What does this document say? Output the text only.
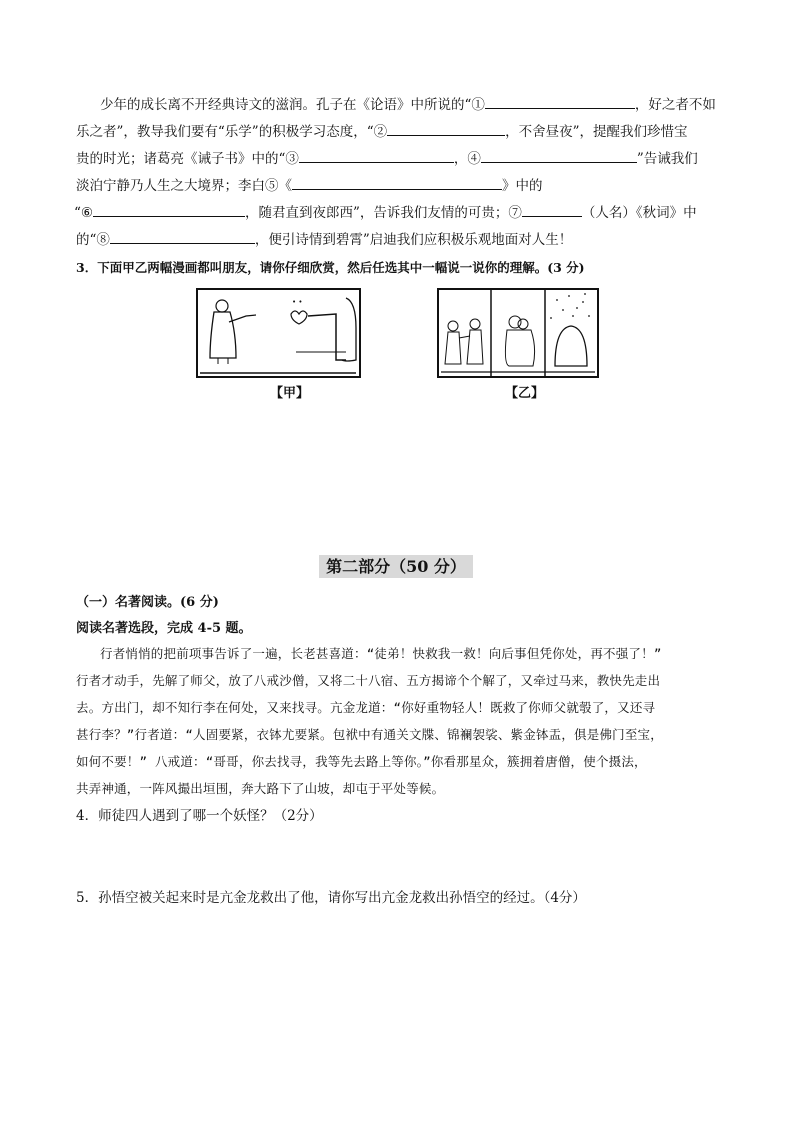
少年的成长离不开经典诗文的滋润。孔子在《论语》中所说的“①	，好之者不如
乐之者”，教导我们要有“乐学”的积极学习态度，“②	，不舍昼夜”，提醒我们珍惜宝
贵的时光；诸葛亮《诫子书》中的“③	，④	”告诫我们
淡泊宁静乃人生之大境界；李白⑤《	》中的
“⑥	，随君直到夜郎西”，告诉我们友情的可贵；⑦	（人名）《秋词》中
的“⑧	，便引诗情到碧霄”启迪我们应积极乐观地面对人生！
3．下面甲乙两幅漫画都叫朋友，请你仔细欣赏，然后任选其中一幅说一说你的理解。(3 分)
• •
【甲】	【乙】
第二部分（50 分）
（一）名著阅读。(6 分)
阅读名著选段，完成 4-5 题。
行者悄悄的把前项事告诉了一遍，长老甚喜道：“徒弟！快救我一救！向后事但凭你处，再不强了！”
行者才动手，先解了师父，放了八戒沙僧，又将二十八宿、五方揭谛个个解了，又牵过马来，教快先走出
去。方出门，却不知行李在何处，又来找寻。亢金龙道：“你好重物轻人！既救了你师父就彀了，又还寻
甚行李？”行者道：“人固要紧，衣钵尤要紧。包袱中有通关文牒、锦襕袈裟、紫金钵盂，俱是佛门至宝，
如何不要！” 八戒道：“哥哥，你去找寻，我等先去路上等你。”你看那星众，簇拥着唐僧，使个摄法，
共弄神通，一阵风撮出垣围，奔大路下了山坡，却屯于平处等候。
4．师徒四人遇到了哪一个妖怪？（2分）
5．孙悟空被关起来时是亢金龙救出了他，请你写出亢金龙救出孙悟空的经过。（4分）
